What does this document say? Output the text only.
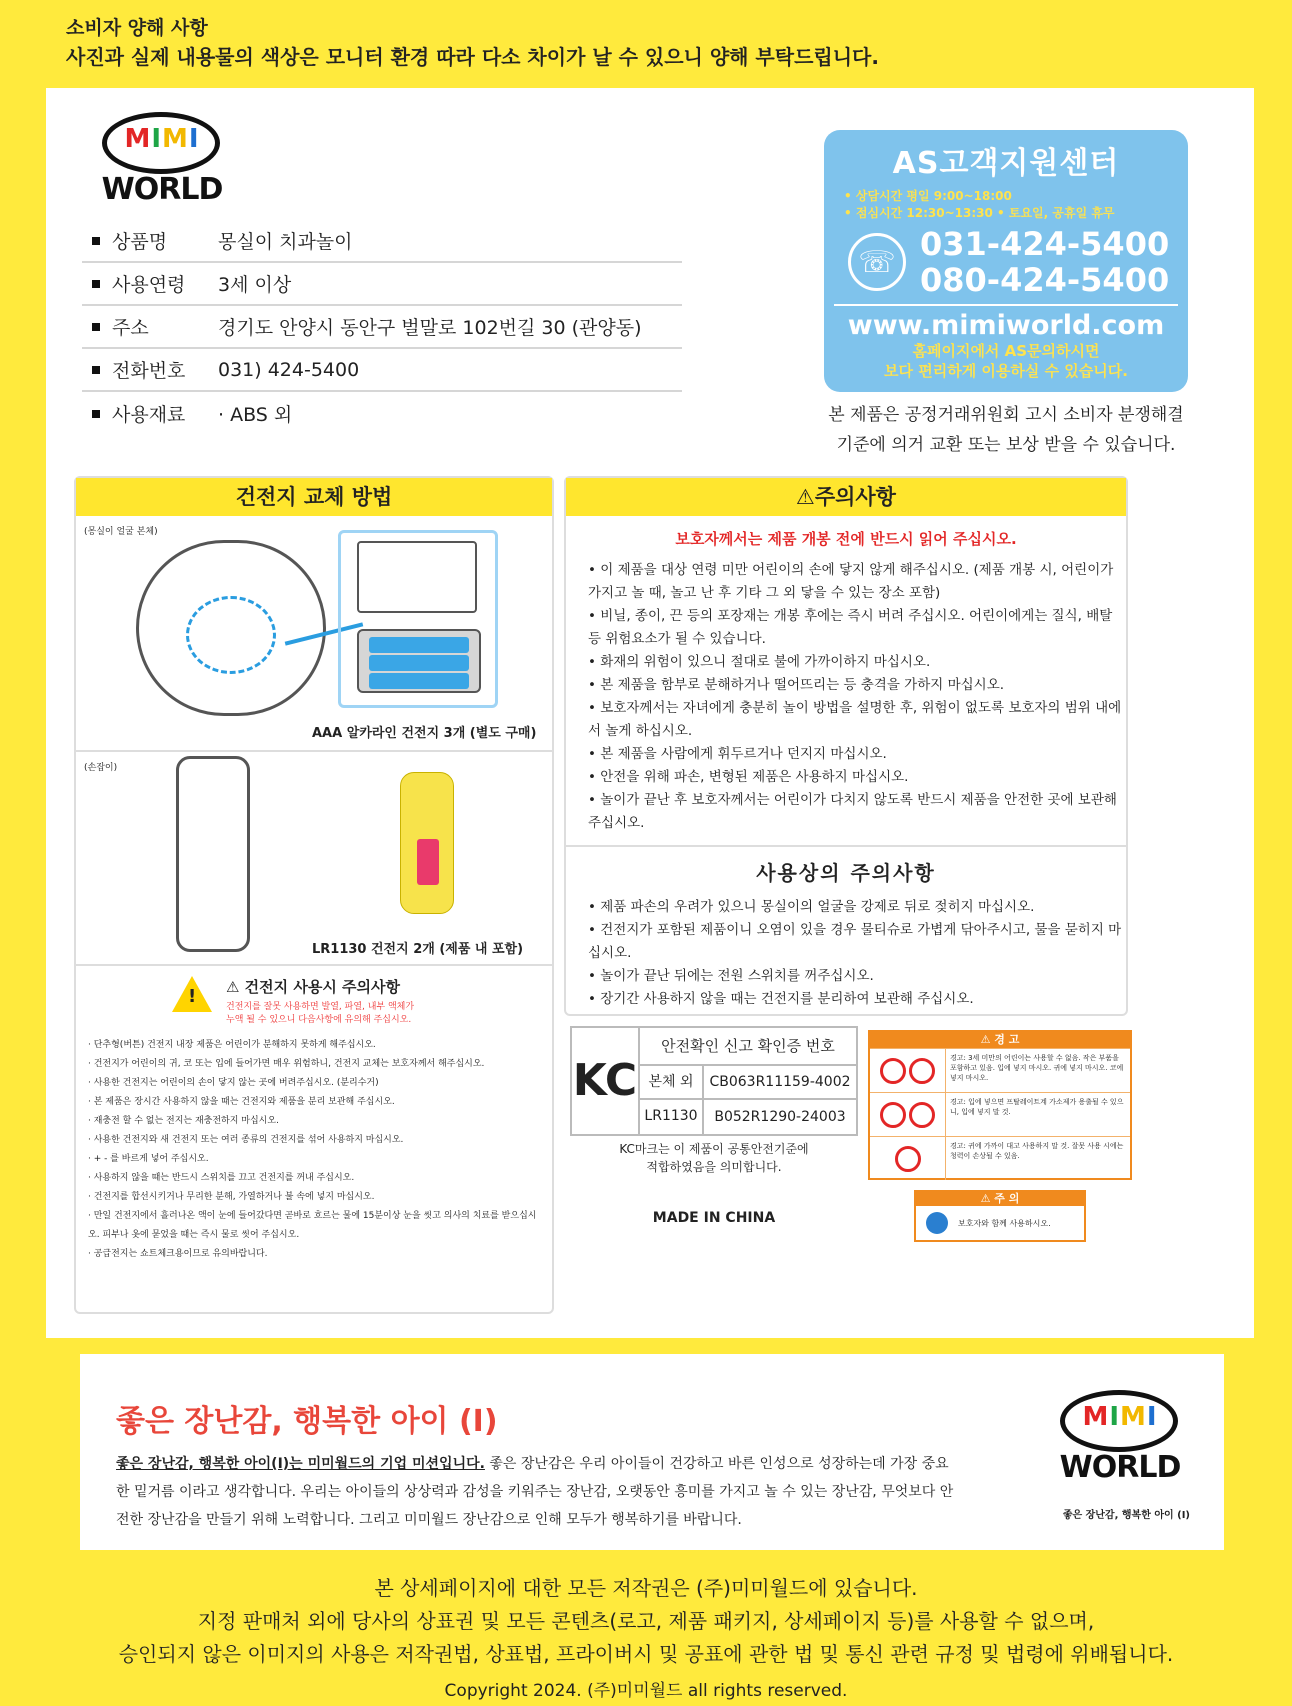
소비자 양해 사항
사진과 실제 내용물의 색상은 모니터 환경 따라 다소 차이가 날 수 있으니 양해 부탁드립니다.
MIMI
WORLD
상품명	몽실이 치과놀이
사용연령	3세 이상
주소	경기도 안양시 동안구 벌말로 102번길 30 (관양동)
전화번호	031) 424-5400
사용재료	· ABS 외
AS고객지원센터
• 상담시간 평일 9:00~18:00
• 점심시간 12:30~13:30 • 토요일, 공휴일 휴무
☏ 031-424-5400
080-424-5400
www.mimiworld.com
홈페이지에서 AS문의하시면
보다 편리하게 이용하실 수 있습니다.
본 제품은 공정거래위원회 고시 소비자 분쟁해결
기준에 의거 교환 또는 보상 받을 수 있습니다.
건전지 교체 방법
(몽실이 얼굴 본체)
AAA 알카라인 건전지 3개 (별도 구매)
(손잡이)
LR1130 건전지 2개 (제품 내 포함)
! ⚠ 건전지 사용시 주의사항
건전지를 잘못 사용하면 발열, 파열, 내부 액체가
누액 될 수 있으니 다음사항에 유의해 주십시오.
· 단추형(버튼) 건전지 내장 제품은 어린이가 분해하지 못하게 해주십시오.
· 건전지가 어린이의 귀, 코 또는 입에 들어가면 매우 위험하니, 건전지 교체는 보호자께서 해주십시오.
· 사용한 건전지는 어린이의 손이 닿지 않는 곳에 버려주십시오. (분리수거)
· 본 제품은 장시간 사용하지 않을 때는 건전지와 제품을 분리 보관해 주십시오.
· 재충전 할 수 없는 전지는 재충전하지 마십시오.
· 사용한 건전지와 새 건전지 또는 여러 종류의 건전지를 섞어 사용하지 마십시오.
· + - 를 바르게 넣어 주십시오.
· 사용하지 않을 때는 반드시 스위치를 끄고 건전지를 꺼내 주십시오.
· 건전지를 합선시키거나 무리한 분해, 가열하거나 불 속에 넣지 마십시오.
· 만일 건전지에서 흘러나온 액이 눈에 들어갔다면 곧바로 흐르는 물에 15분이상 눈을 씻고 의사의 치료를 받으십시오. 피부나 옷에 묻었을 때는 즉시 물로 씻어 주십시오.
· 공급전지는 쇼트체크용이므로 유의바랍니다.
⚠주의사항
보호자께서는 제품 개봉 전에 반드시 읽어 주십시오.
• 이 제품을 대상 연령 미만 어린이의 손에 닿지 않게 해주십시오. (제품 개봉 시, 어린이가 가지고 놀 때, 놀고 난 후 기타 그 외 닿을 수 있는 장소 포함)
• 비닐, 종이, 끈 등의 포장재는 개봉 후에는 즉시 버려 주십시오. 어린이에게는 질식, 배탈 등 위험요소가 될 수 있습니다.
• 화재의 위험이 있으니 절대로 불에 가까이하지 마십시오.
• 본 제품을 함부로 분해하거나 떨어뜨리는 등 충격을 가하지 마십시오.
• 보호자께서는 자녀에게 충분히 놀이 방법을 설명한 후, 위험이 없도록 보호자의 범위 내에서 놀게 하십시오.
• 본 제품을 사람에게 휘두르거나 던지지 마십시오.
• 안전을 위해 파손, 변형된 제품은 사용하지 마십시오.
• 놀이가 끝난 후 보호자께서는 어린이가 다치지 않도록 반드시 제품을 안전한 곳에 보관해 주십시오.
사용상의 주의사항
• 제품 파손의 우려가 있으니 몽실이의 얼굴을 강제로 뒤로 젖히지 마십시오.
• 건전지가 포함된 제품이니 오염이 있을 경우 물티슈로 가볍게 닦아주시고, 물을 묻히지 마십시오.
• 놀이가 끝난 뒤에는 전원 스위치를 꺼주십시오.
• 장기간 사용하지 않을 때는 건전지를 분리하여 보관해 주십시오.
KC
안전확인 신고 확인증 번호
본체 외	CB063R11159-4002
LR1130	B052R1290-24003
KC마크는 이 제품이 공통안전기준에
적합하였음을 의미합니다.
MADE IN CHINA
⚠ 경 고
경고: 3세 미만의 어린이는 사용할 수 없음. 작은 부품을 포함하고 있음. 입에 넣지 마시오. 귀에 넣지 마시오. 코에 넣지 마시오.
경고: 입에 넣으면 프탈레이트계 가소제가 용출될 수 있으니, 입에 넣지 말 것.
경고: 귀에 가까이 대고 사용하지 말 것. 잘못 사용 시에는 청력이 손상될 수 있음.
⚠ 주 의
보호자와 함께 사용하시오.
좋은 장난감, 행복한 아이 (I)
좋은 장난감, 행복한 아이(I)는 미미월드의 기업 미션입니다. 좋은 장난감은 우리 아이들이 건강하고 바른 인성으로 성장하는데 가장 중요한 밑거름 이라고 생각합니다. 우리는 아이들의 상상력과 감성을 키워주는 장난감, 오랫동안 흥미를 가지고 놀 수 있는 장난감, 무엇보다 안전한 장난감을 만들기 위해 노력합니다. 그리고 미미월드 장난감으로 인해 모두가 행복하기를 바랍니다.
MIMI
WORLD
좋은 장난감, 행복한 아이 (I)
본 상세페이지에 대한 모든 저작권은 (주)미미월드에 있습니다.
지정 판매처 외에 당사의 상표권 및 모든 콘텐츠(로고, 제품 패키지, 상세페이지 등)를 사용할 수 없으며,
승인되지 않은 이미지의 사용은 저작권법, 상표법, 프라이버시 및 공표에 관한 법 및 통신 관련 규정 및 법령에 위배됩니다.
Copyright 2024. (주)미미월드 all rights reserved.
